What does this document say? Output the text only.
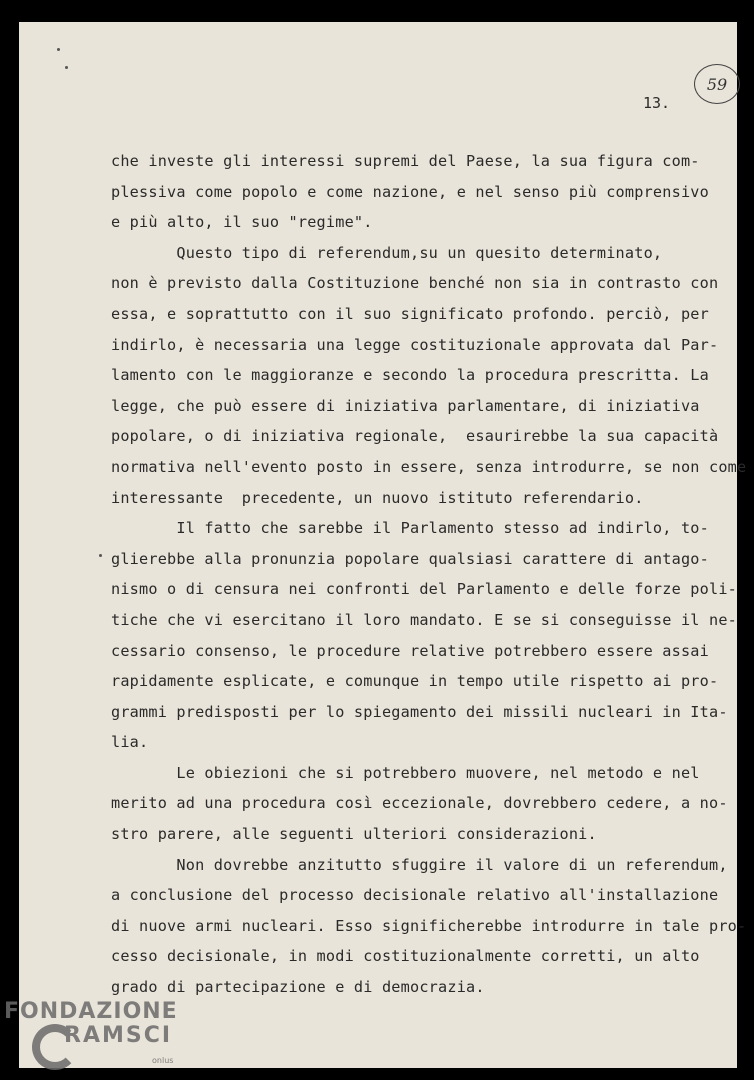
59
13.
che investe gli interessi supremi del Paese, la sua figura com-
plessiva come popolo e come nazione, e nel senso più comprensivo
e più alto, il suo "regime".
Questo tipo di referendum,su un quesito determinato,
non è previsto dalla Costituzione benché non sia in contrasto con
essa, e soprattutto con il suo significato profondo. perciò, per
indirlo, è necessaria una legge costituzionale approvata dal Par-
lamento con le maggioranze e secondo la procedura prescritta. La
legge, che può essere di iniziativa parlamentare, di iniziativa
popolare, o di iniziativa regionale,  esaurirebbe la sua capacità
normativa nell'evento posto in essere, senza introdurre, se non come
interessante  precedente, un nuovo istituto referendario.
Il fatto che sarebbe il Parlamento stesso ad indirlo, to-
glierebbe alla pronunzia popolare qualsiasi carattere di antago-
nismo o di censura nei confronti del Parlamento e delle forze poli-
tiche che vi esercitano il loro mandato. E se si conseguisse il ne-
cessario consenso, le procedure relative potrebbero essere assai
rapidamente esplicate, e comunque in tempo utile rispetto ai pro-
grammi predisposti per lo spiegamento dei missili nucleari in Ita-
lia.
Le obiezioni che si potrebbero muovere, nel metodo e nel
merito ad una procedura così eccezionale, dovrebbero cedere, a no-
stro parere, alle seguenti ulteriori considerazioni.
Non dovrebbe anzitutto sfuggire il valore di un referendum,
a conclusione del processo decisionale relativo all'installazione
di nuove armi nucleari. Esso significherebbe introdurre in tale pro-
cesso decisionale, in modi costituzionalmente corretti, un alto
grado di partecipazione e di democrazia.
FONDAZIONE
RAMSCI
onlus
